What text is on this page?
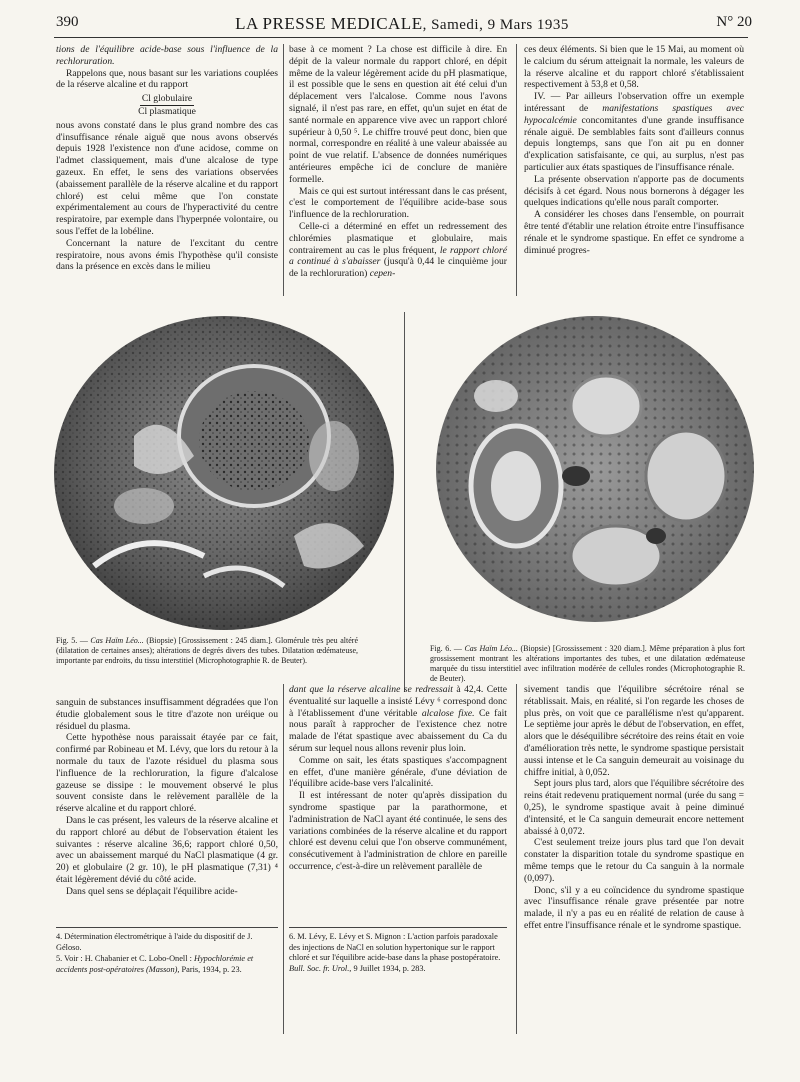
390	LA PRESSE MEDICALE, Samedi, 9 Mars 1935	N° 20

tions de l'équilibre acide-base sous l'influence de la rechloruration.

Rappelons que, nous basant sur les variations couplées de la réserve alcaline et du rapport

Cl globulaire
Cl plasmatique

nous avons constaté dans le plus grand nombre des cas d'insuffisance rénale aiguë que nous avons observés depuis 1928 l'existence non d'une acidose, comme on l'admet classiquement, mais d'une alcalose de type gazeux. En effet, le sens des variations observées (abaissement parallèle de la réserve alcaline et du rapport chloré) est celui même que l'on constate expérimentalement au cours de l'hyperactivité du centre respiratoire, par exemple dans l'hyperpnée volontaire, ou sous l'effet de la lobéline.

Concernant la nature de l'excitant du centre respiratoire, nous avons émis l'hypothèse qu'il consiste dans la présence en excès dans le milieu

base à ce moment ? La chose est difficile à dire. En dépit de la valeur normale du rapport chloré, en dépit même de la valeur légèrement acide du pH plasmatique, il est possible que le sens en question ait été celui d'un déplacement vers l'alcalose. Comme nous l'avons signalé, il n'est pas rare, en effet, qu'un sujet en état de santé normale en apparence vive avec un rapport chloré supérieur à 0,50 ⁵. Le chiffre trouvé peut donc, bien que normal, correspondre en réalité à une valeur abaissée au point de vue relatif. L'absence de données numériques antérieures empêche ici de conclure de manière formelle.

Mais ce qui est surtout intéressant dans le cas présent, c'est le comportement de l'équilibre acide-base sous l'influence de la rechloruration.

Celle-ci a déterminé en effet un redressement des chlorémies plasmatique et globulaire, mais contrairement au cas le plus fréquent, le rapport chloré a continué à s'abaisser (jusqu'à 0,44 le cinquième jour de la rechloruration) cepen-

ces deux éléments. Si bien que le 15 Mai, au moment où le calcium du sérum atteignait la normale, les valeurs de la réserve alcaline et du rapport chloré s'établissaient respectivement à 53,8 et 0,58.

IV. — Par ailleurs l'observation offre un exemple intéressant de manifestations spastiques avec hypocalcémie concomitantes d'une grande insuffisance rénale aiguë. De semblables faits sont d'ailleurs connus depuis longtemps, sans que l'on ait pu en donner d'explication satisfaisante, ce qui, au surplus, n'est pas particulier aux états spastiques de l'insuffisance rénale.

La présente observation n'apporte pas de documents décisifs à cet égard. Nous nous bornerons à dégager les quelques indications qu'elle nous paraît comporter.

A considérer les choses dans l'ensemble, on pourrait être tenté d'établir une relation étroite entre l'insuffisance rénale et le syndrome spastique. En effet ce syndrome a diminué progres-

Fig. 5. — Cas Haïm Léo... (Biopsie) [Grossissement : 245 diam.]. Glomérule très peu altéré (dilatation de certaines anses); altérations de degrés divers des tubes. Dilatation œdémateuse, importante par endroits, du tissu interstitiel (Microphotographie R. de Beuter).
Fig. 6. — Cas Haïm Léo... (Biopsie) [Grossissement : 320 diam.]. Même préparation à plus fort grossissement montrant les altérations importantes des tubes, et une dilatation œdémateuse marquée du tissu interstitiel avec infiltration modérée de cellules rondes (Microphotographie R. de Beuter).

sanguin de substances insuffisamment dégradées que l'on étudie globalement sous le titre d'azote non uréique ou résiduel du plasma.

Cette hypothèse nous paraissait étayée par ce fait, confirmé par Robineau et M. Lévy, que lors du retour à la normale du taux de l'azote résiduel du plasma sous l'influence de la rechloruration, la figure d'alcalose gazeuse se dissipe : le mouvement observé le plus souvent consiste dans le relèvement parallèle de la réserve alcaline et du rapport chloré.

Dans le cas présent, les valeurs de la réserve alcaline et du rapport chloré au début de l'observation étaient les suivantes : réserve alcaline 36,6; rapport chloré 0,50, avec un abaissement marqué du NaCl plasmatique (4 gr. 20) et globulaire (2 gr. 10), le pH plasmatique (7,31) ⁴ était légèrement dévié du côté acide.

Dans quel sens se déplaçait l'équilibre acide-

dant que la réserve alcaline se redressait à 42,4. Cette éventualité sur laquelle a insisté Lévy ⁶ correspond donc à l'établissement d'une véritable alcalose fixe. Ce fait nous paraît à rapprocher de l'existence chez notre malade de l'état spastique avec abaissement du Ca du sérum sur lequel nous allons revenir plus loin.

Comme on sait, les états spastiques s'accompagnent en effet, d'une manière générale, d'une déviation de l'équilibre acide-base vers l'alcalinité.

Il est intéressant de noter qu'après dissipation du syndrome spastique par la parathormone, et l'administration de NaCl ayant été continuée, le sens des variations combinées de la réserve alcaline et du rapport chloré est devenu celui que l'on observe communément, consécutivement à l'administration de chlore en pareille occurrence, c'est-à-dire un relèvement parallèle de

sivement tandis que l'équilibre sécrétoire rénal se rétablissait. Mais, en réalité, si l'on regarde les choses de plus près, on voit que ce parallélisme n'est qu'apparent. Le septième jour après le début de l'observation, en effet, alors que le déséquilibre sécrétoire des reins était en voie d'amélioration très nette, le syndrome spastique persistait aussi intense et le Ca sanguin demeurait au voisinage du chiffre initial, à 0,052.

Sept jours plus tard, alors que l'équilibre sécrétoire des reins était redevenu pratiquement normal (urée du sang = 0,25), le syndrome spastique avait à peine diminué d'intensité, et le Ca sanguin demeurait encore nettement abaissé à 0,072.

C'est seulement treize jours plus tard que l'on devait constater la disparition totale du syndrome spastique en même temps que le retour du Ca sanguin à la normale (0,097).

Donc, s'il y a eu coïncidence du syndrome spastique avec l'insuffisance rénale grave présentée par notre malade, il n'y a pas eu en réalité de relation de cause à effet entre l'insuffisance rénale et le syndrome spastique.

4. Détermination électrométrique à l'aide du dispositif de J. Géloso.

5. Voir : H. Chabanier et C. Lobo-Onell : Hypochlorémie et accidents post-opératoires (Masson), Paris, 1934, p. 23.

6. M. Lévy, E. Lévy et S. Mignon : L'action parfois paradoxale des injections de NaCl en solution hypertonique sur le rapport chloré et sur l'équilibre acide-base dans la phase postopératoire. Bull. Soc. fr. Urol., 9 Juillet 1934, p. 283.
